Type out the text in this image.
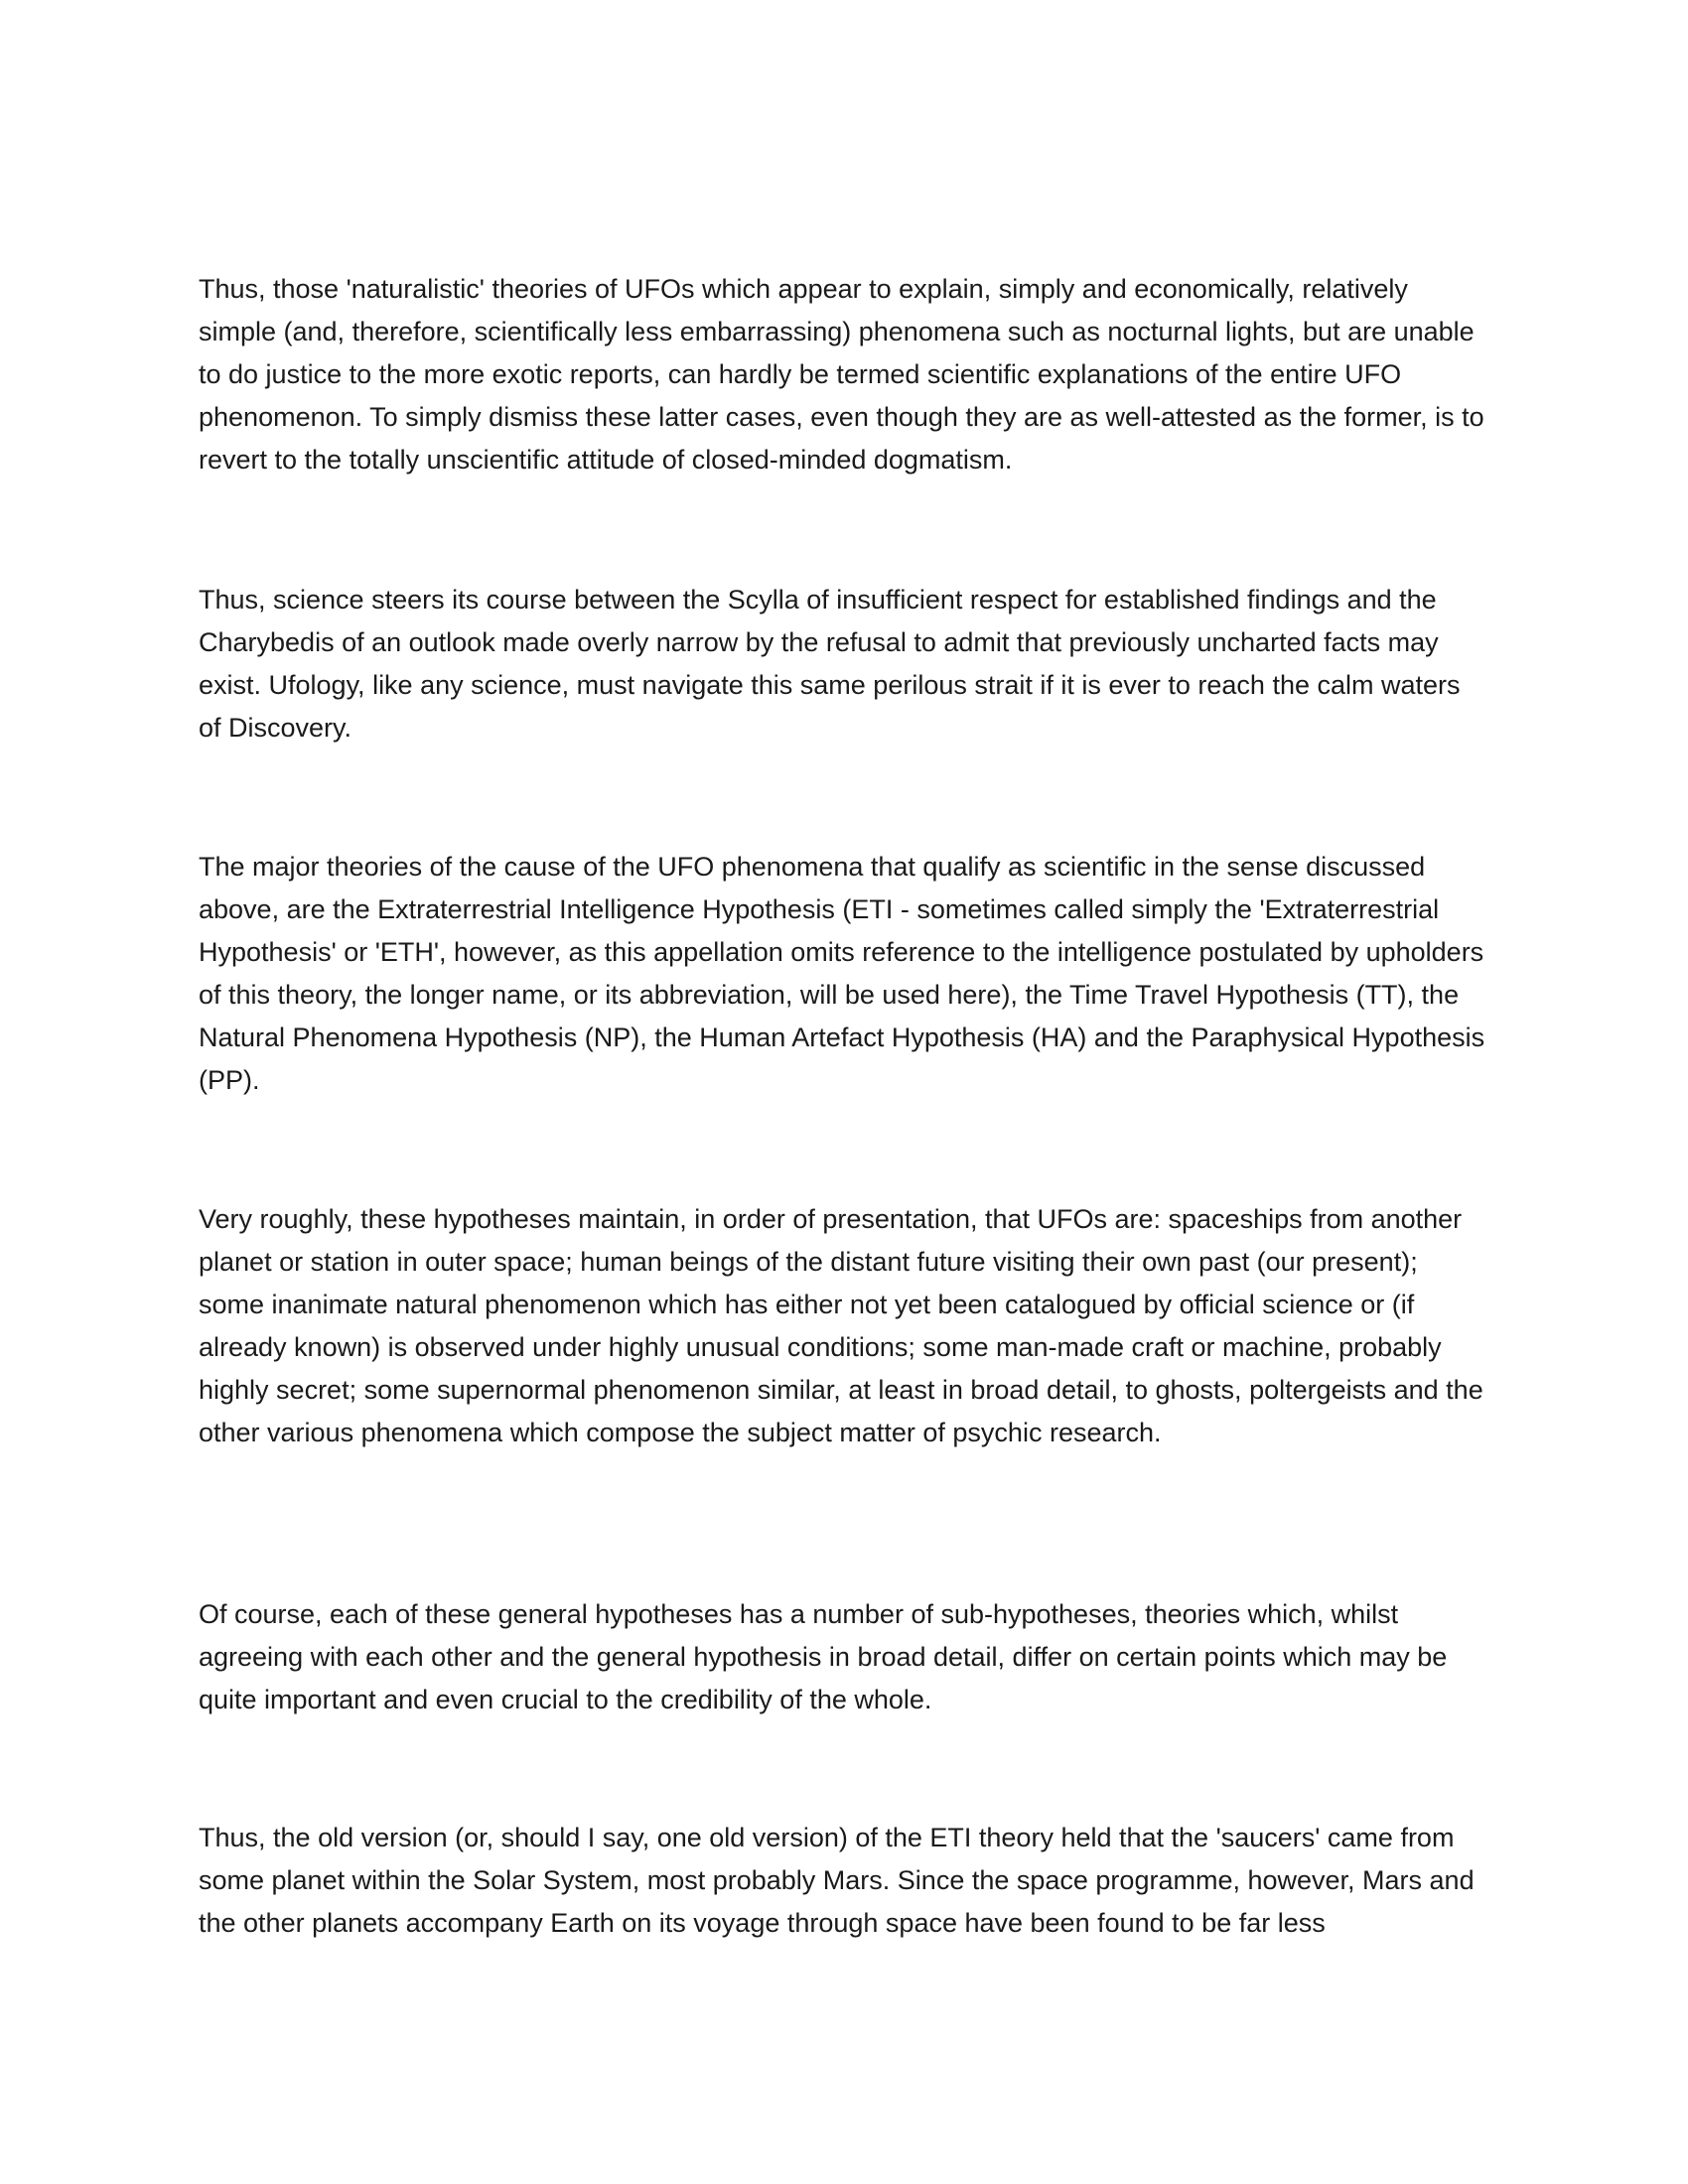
Thus, those 'naturalistic' theories of UFOs which appear to explain, simply and economically, relatively simple (and, therefore, scientifically less embarrassing) phenomena such as nocturnal lights, but are unable to do justice to the more exotic reports, can hardly be termed scientific explanations of the entire UFO phenomenon. To simply dismiss these latter cases, even though they are as well-attested as the former, is to revert to the totally unscientific attitude of closed-minded dogmatism.

Thus, science steers its course between the Scylla of insufficient respect for established findings and the Charybedis of an outlook made overly narrow by the refusal to admit that previously uncharted facts may exist. Ufology, like any science, must navigate this same perilous strait if it is ever to reach the calm waters of Discovery.

The major theories of the cause of the UFO phenomena that qualify as scientific in the sense discussed above, are the Extraterrestrial Intelligence Hypothesis (ETI - sometimes called simply the 'Extraterrestrial Hypothesis' or 'ETH', however, as this appellation omits reference to the intelligence postulated by upholders of this theory, the longer name, or its abbreviation, will be used here), the Time Travel Hypothesis (TT), the Natural Phenomena Hypothesis (NP), the Human Artefact Hypothesis (HA) and the Paraphysical Hypothesis (PP).

Very roughly, these hypotheses maintain, in order of presentation, that UFOs are: spaceships from another planet or station in outer space; human beings of the distant future visiting their own past (our present); some inanimate natural phenomenon which has either not yet been catalogued by official science or (if already known) is observed under highly unusual conditions; some man-made craft or machine, probably highly secret; some supernormal phenomenon similar, at least in broad detail, to ghosts, poltergeists and the other various phenomena which compose the subject matter of psychic research.

Of course, each of these general hypotheses has a number of sub-hypotheses, theories which, whilst agreeing with each other and the general hypothesis in broad detail, differ on certain points which may be quite important and even crucial to the credibility of the whole.

Thus, the old version (or, should I say, one old version) of the ETI theory held that the 'saucers' came from some planet within the Solar System, most probably Mars. Since the space programme, however, Mars and the other planets accompany Earth on its voyage through space have been found to be far less
